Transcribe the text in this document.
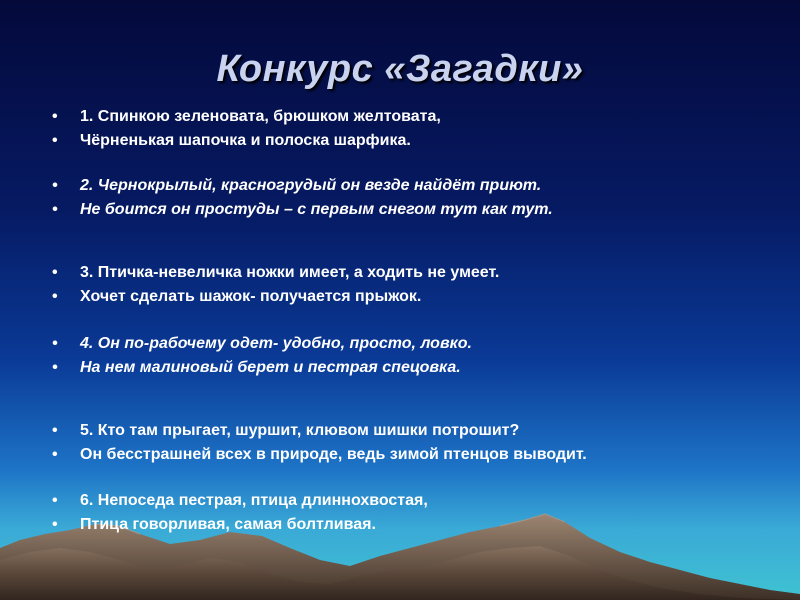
Конкурс «Загадки»
•	1. Спинкою зеленовата, брюшком желтовата,
•	Чёрненькая шапочка и полоска шарфика.
•	2. Чернокрылый, красногрудый он везде найдёт приют.
•	Не боится он простуды – с первым снегом тут как тут.
•	3. Птичка-невеличка ножки имеет, а ходить не умеет.
•	Хочет сделать шажок- получается прыжок.
•	4. Он по-рабочему одет- удобно, просто, ловко.
•	На нем малиновый берет и пестрая спецовка.
•	5. Кто там прыгает, шуршит, клювом шишки потрошит?
•	Он бесстрашней всех в природе, ведь зимой птенцов выводит.
•	6. Непоседа пестрая, птица длиннохвостая,
•	Птица говорливая, самая болтливая.
